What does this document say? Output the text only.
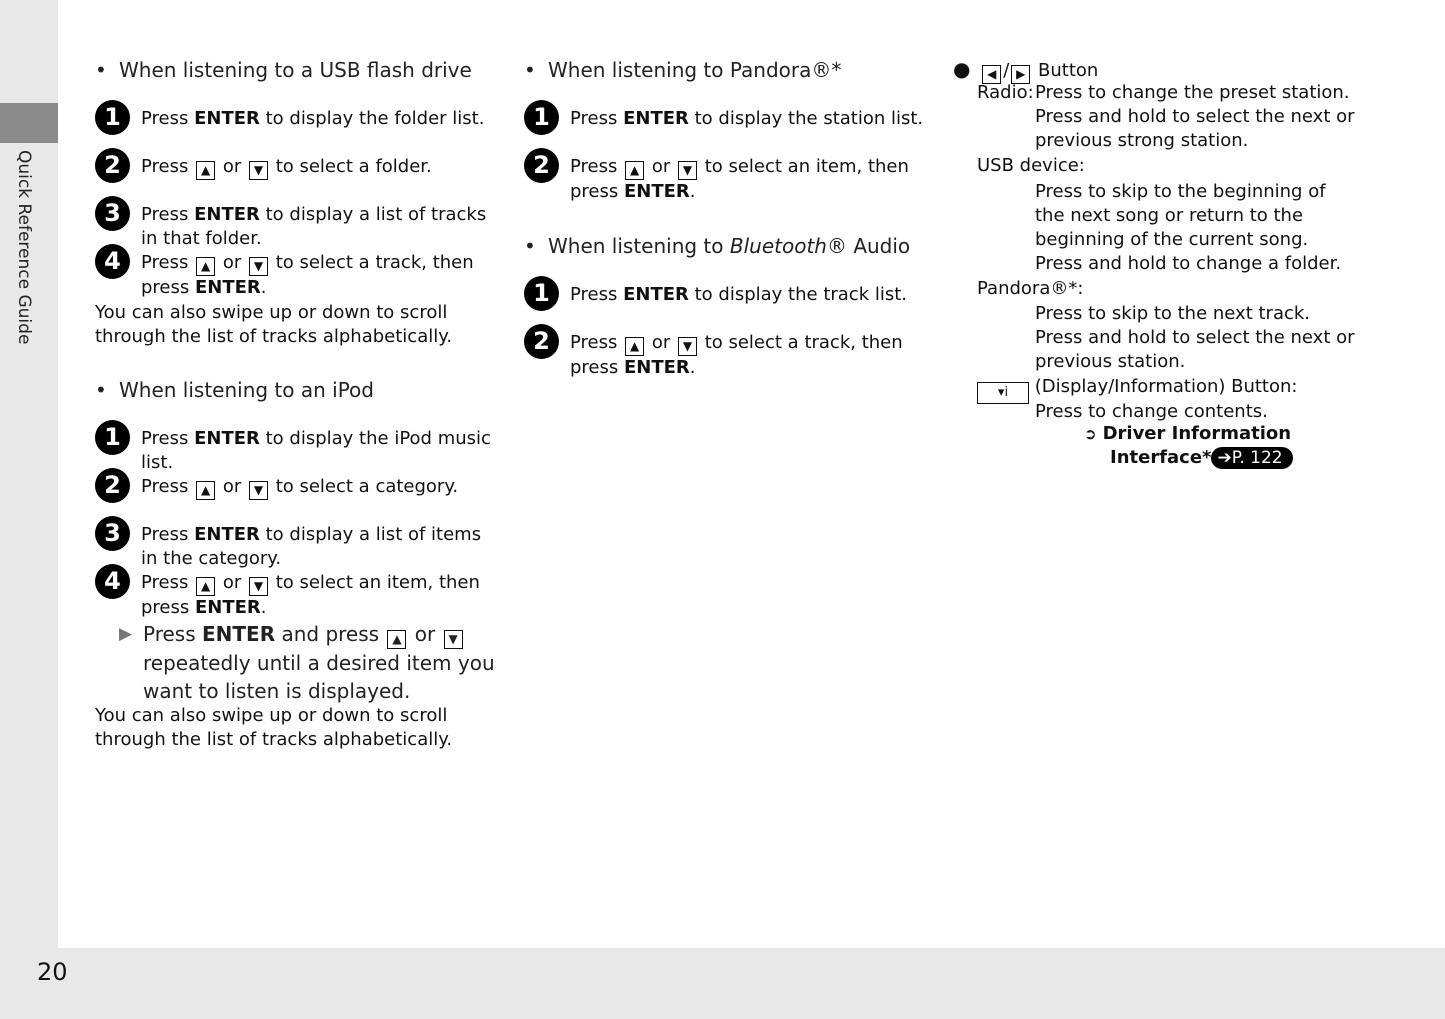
Quick Reference Guide
20
• When listening to a USB flash drive
1	Press ENTER to display the folder list.
2	Press ▲ or ▼ to select a folder.
3	Press ENTER to display a list of tracks in that folder.
4	Press ▲ or ▼ to select a track, then press ENTER.
You can also swipe up or down to scroll through the list of tracks alphabetically.
• When listening to an iPod
1	Press ENTER to display the iPod music list.
2	Press ▲ or ▼ to select a category.
3	Press ENTER to display a list of items in the category.
4	Press ▲ or ▼ to select an item, then press ENTER.
▶ Press ENTER and press ▲ or ▼ repeatedly until a desired item you want to listen is displayed.
You can also swipe up or down to scroll through the list of tracks alphabetically.
• When listening to Pandora®*
1	Press ENTER to display the station list.
2	Press ▲ or ▼ to select an item, then press ENTER.
• When listening to Bluetooth® Audio
1	Press ENTER to display the track list.
2	Press ▲ or ▼ to select a track, then press ENTER.
● ◀ / ▶ Button
Radio: Press to change the preset station.
Press and hold to select the next or
previous strong station.
USB device:
Press to skip to the beginning of
the next song or return to the
beginning of the current song.
Press and hold to change a folder.
Pandora®*:
Press to skip to the next track.
Press and hold to select the next or
previous station.
▾i (Display/Information) Button:
Press to change contents.
➲ Driver Information
Interface* ➔P. 122
